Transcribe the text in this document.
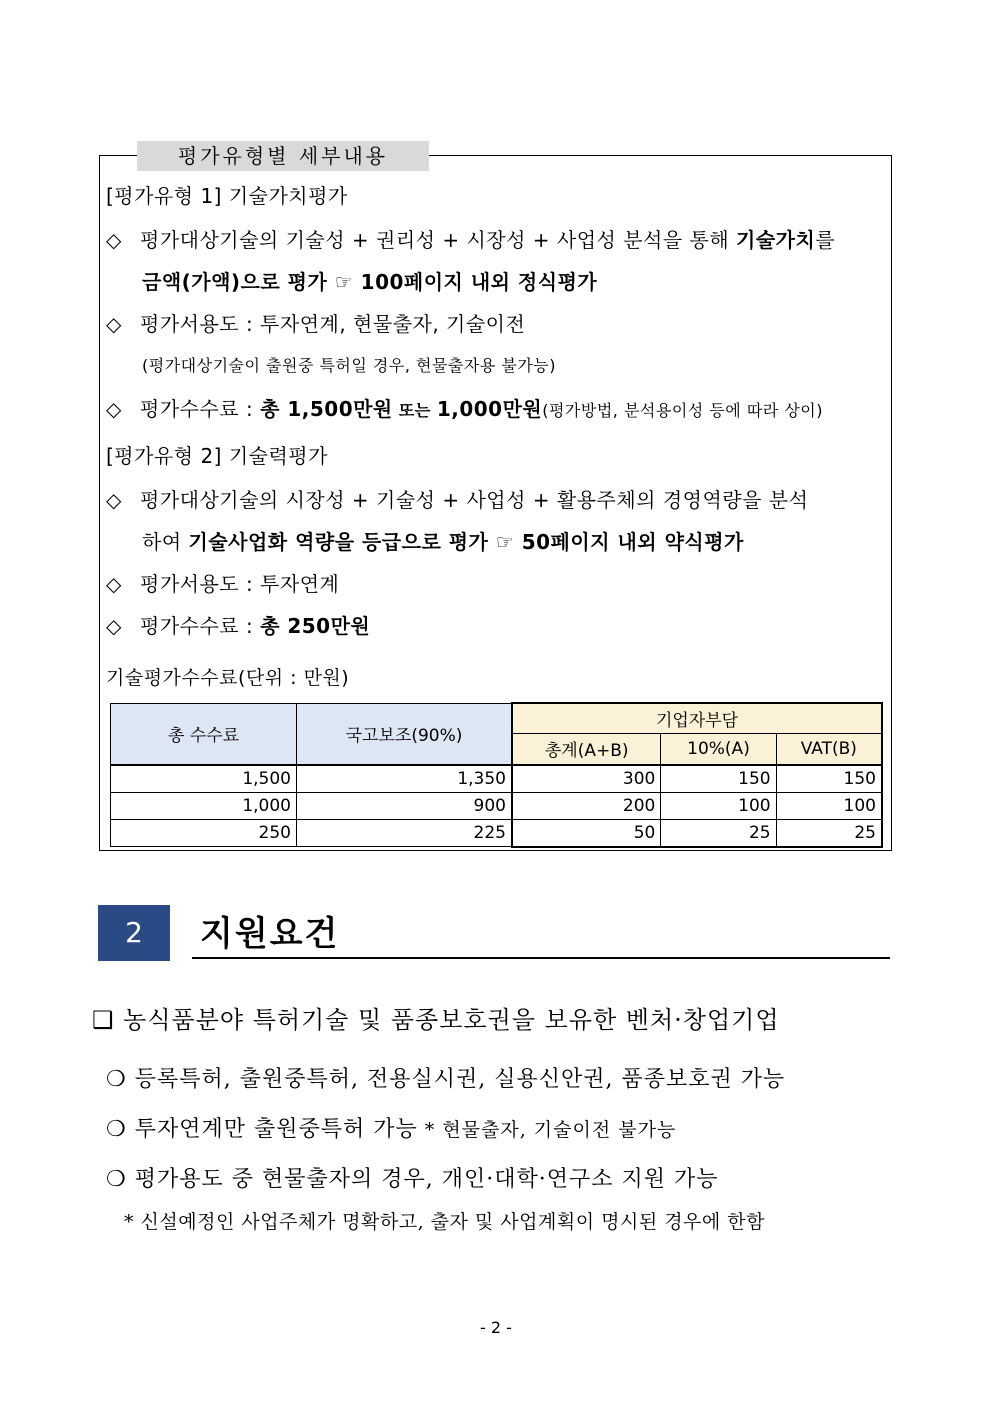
평가유형별 세부내용
[평가유형 1] 기술가치평가
◇ 평가대상기술의 기술성 + 권리성 + 시장성 + 사업성 분석을 통해 기술가치를
금액(가액)으로 평가 ☞ 100페이지 내외 정식평가
◇ 평가서용도 : 투자연계, 현물출자, 기술이전
(평가대상기술이 출원중 특허일 경우, 현물출자용 불가능)
◇ 평가수수료 : 총 1,500만원 또는 1,000만원(평가방법, 분석용이성 등에 따라 상이)
[평가유형 2] 기술력평가
◇ 평가대상기술의 시장성 + 기술성 + 사업성 + 활용주체의 경영역량을 분석
하여 기술사업화 역량을 등급으로 평가 ☞ 50페이지 내외 약식평가
◇ 평가서용도 : 투자연계
◇ 평가수수료 : 총 250만원
기술평가수수료(단위 : 만원)
총 수수료	국고보조(90%)	기업자부담		
		총계(A+B)	10%(A)	VAT(B)
1,500	1,350	300	150	150
1,000	900	200	100	100
250	225	50	25	25
2	지원요건
❑ 농식품분야 특허기술 및 품종보호권을 보유한 벤처·창업기업
❍ 등록특허, 출원중특허, 전용실시권, 실용신안권, 품종보호권 가능
❍ 투자연계만 출원중특허 가능 * 현물출자, 기술이전 불가능
❍ 평가용도 중 현물출자의 경우, 개인·대학·연구소 지원 가능
* 신설예정인 사업주체가 명확하고, 출자 및 사업계획이 명시된 경우에 한함
- 2 -
